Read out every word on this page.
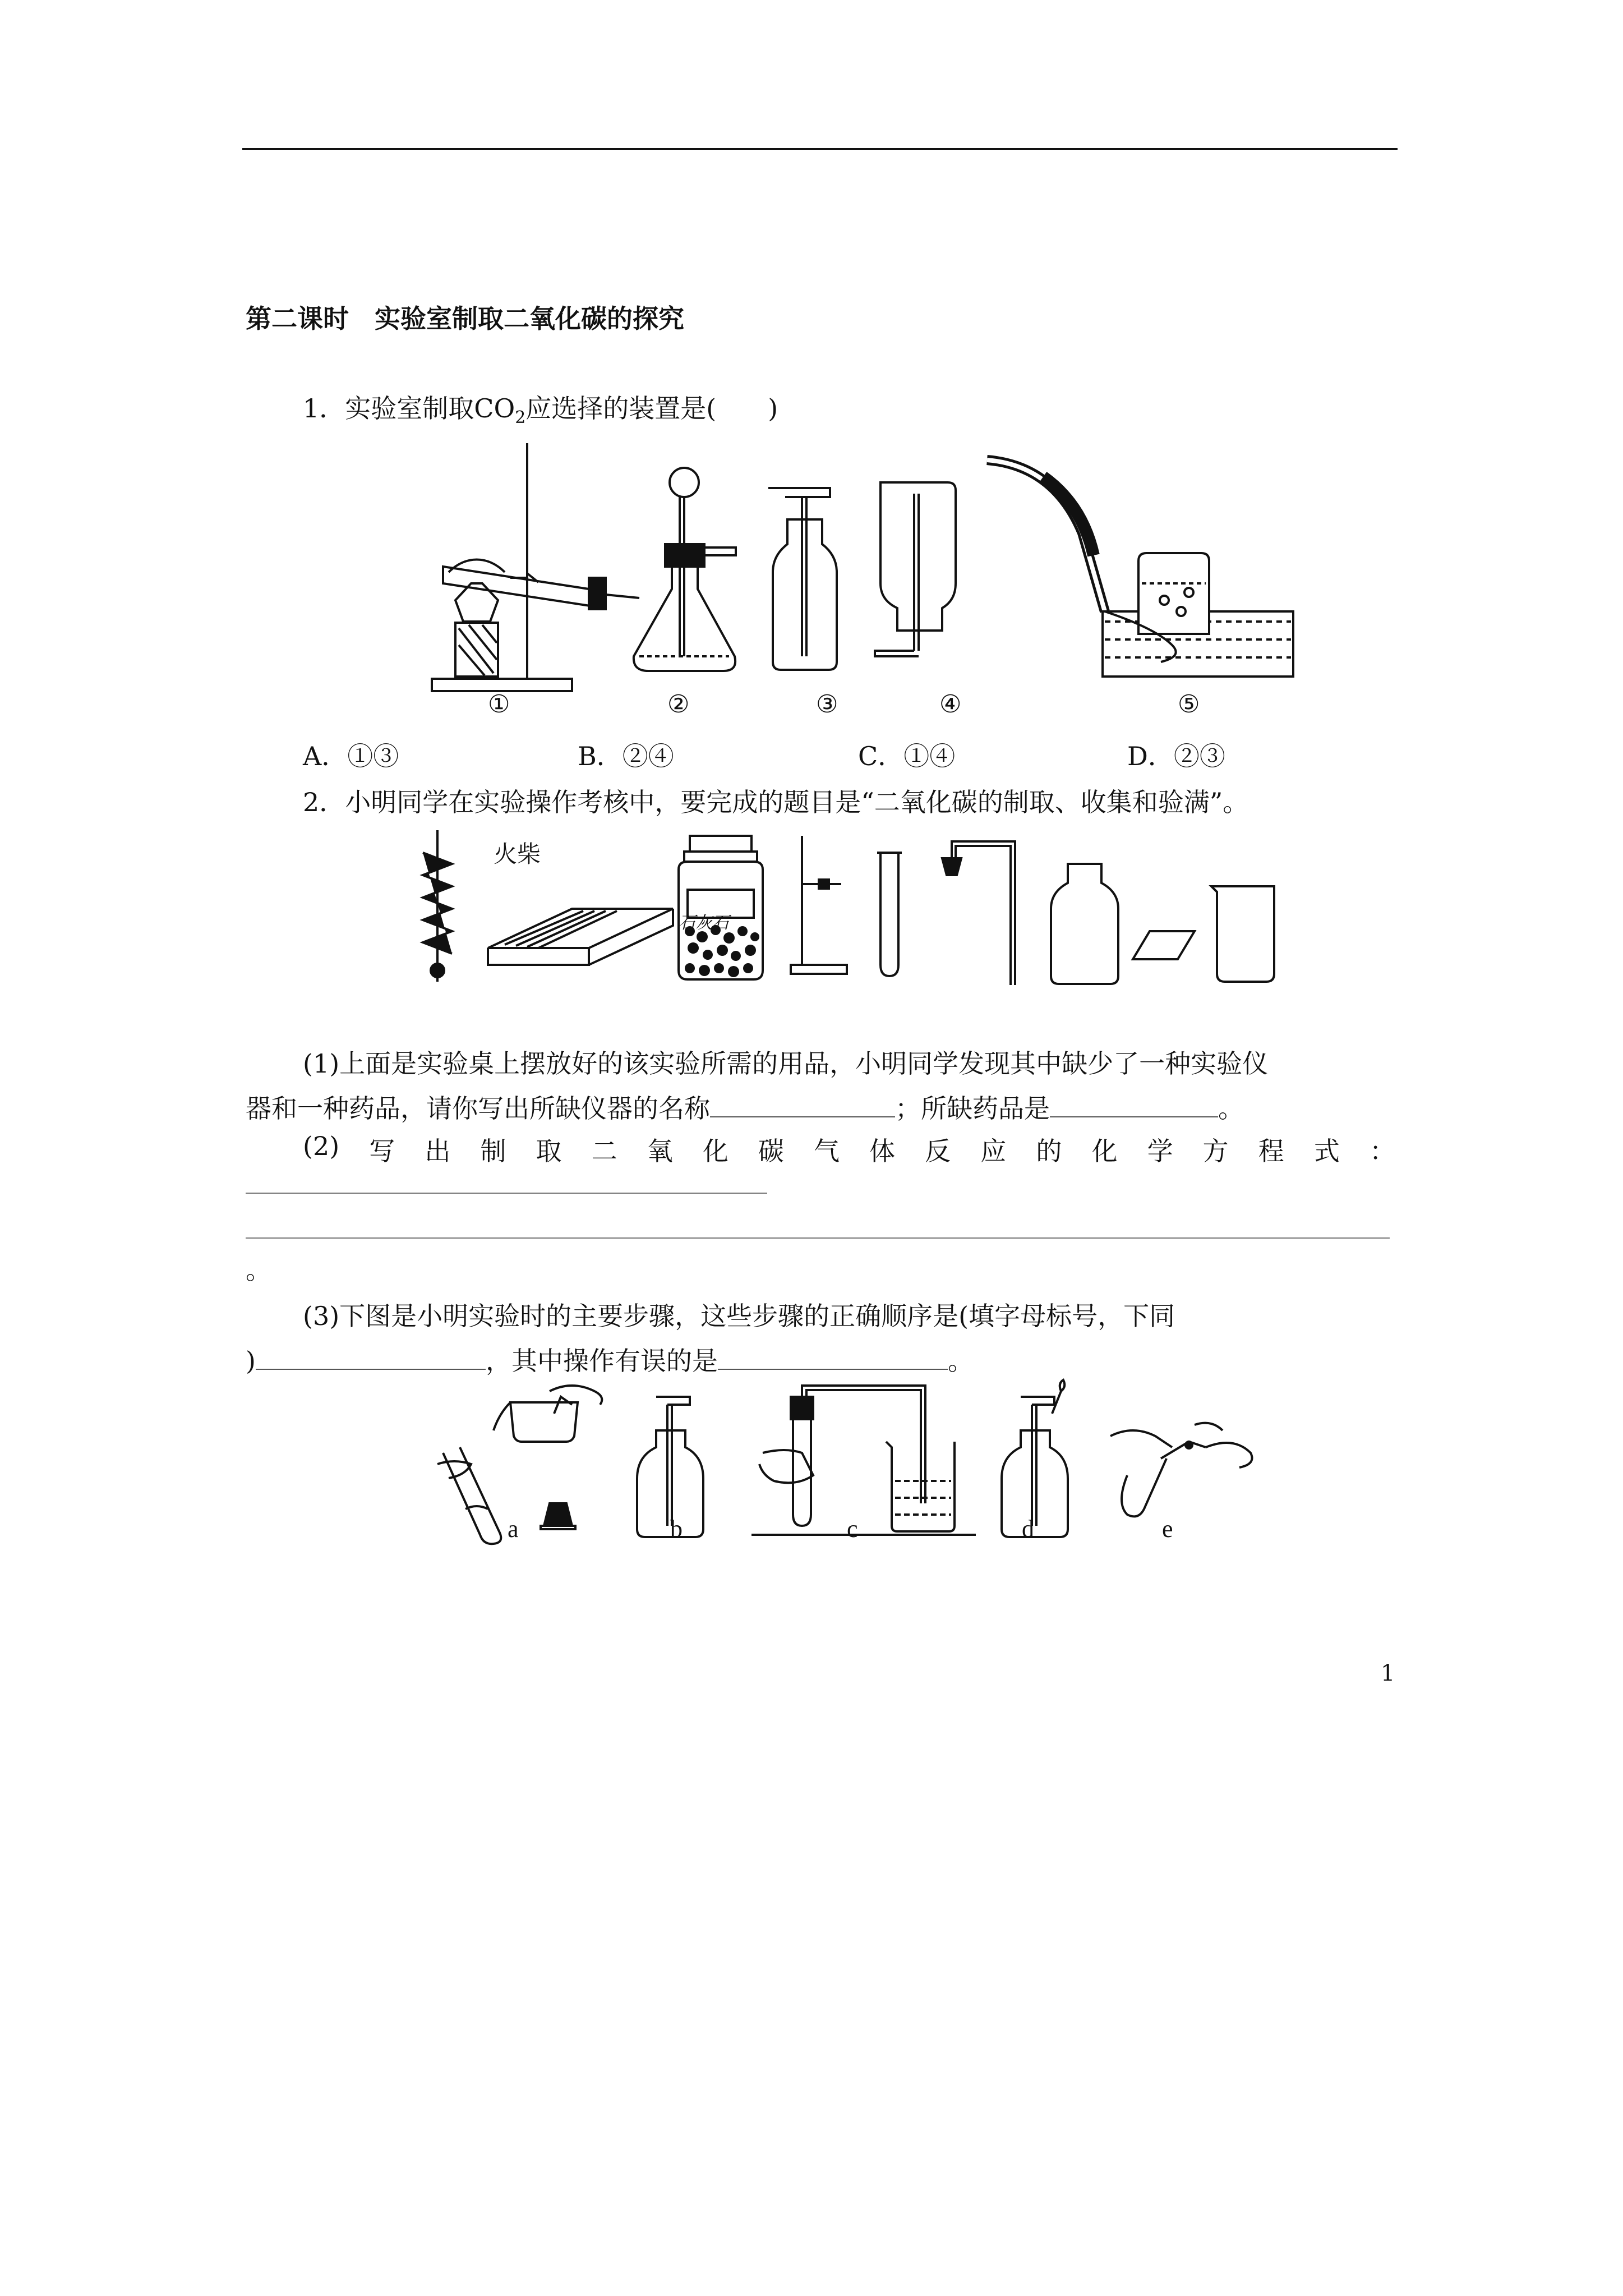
第二课时　实验室制取二氧化碳的探究
1．实验室制取$CO_2$应选择的装置是(　　)
①	②	③	④	⑤
A．①③	B．②④	C．①④	D．②③
2．小明同学在实验操作考核中，要完成的题目是“二氧化碳的制取、收集和验满”。
火柴
石灰石
(1)上面是实验桌上摆放好的该实验所需的用品，小明同学发现其中缺少了一种实验仪
器和一种药品，请你写出所缺仪器的名称	；所缺药品是	。
(2) 写 出 制 取 二 氧 化 碳 气 体 反 应 的 化 学 方 程 式 ：
。
(3)下图是小明实验时的主要步骤，这些步骤的正确顺序是(填字母标号，下同
)	，其中操作有误的是	。
a	b	c	d	e
1
